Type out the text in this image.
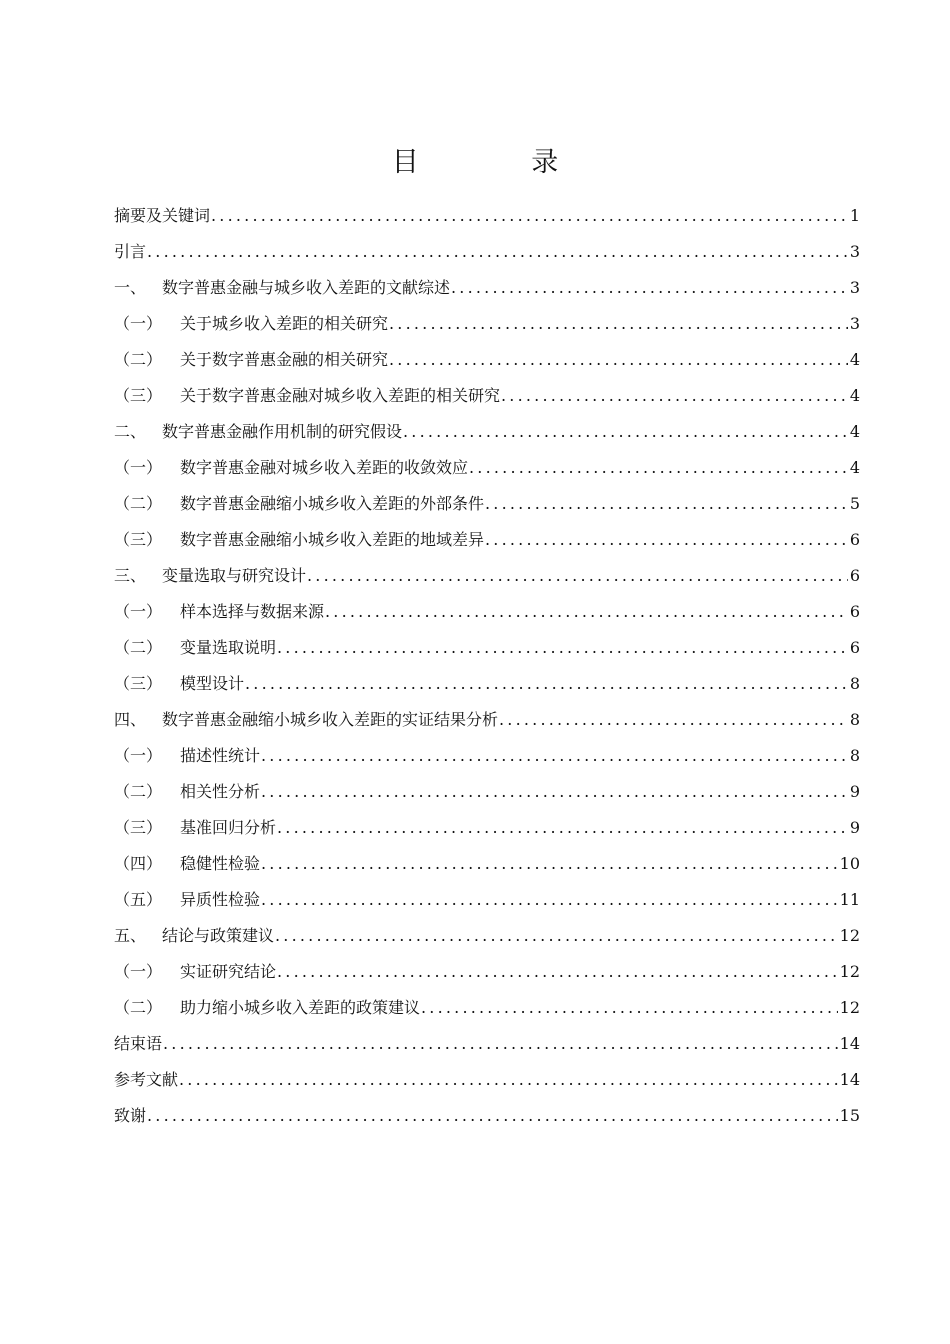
目 录
摘要及关键词 .....	1
引言 .....	3
一、 数字普惠金融与城乡收入差距的文献综述 .....	3
（一）	关于城乡收入差距的相关研究 .....	3
（二）	关于数字普惠金融的相关研究 .....	4
（三）	关于数字普惠金融对城乡收入差距的相关研究 .....	4
二、 数字普惠金融作用机制的研究假设 .....	4
（一）	数字普惠金融对城乡收入差距的收敛效应 .....	4
（二）	数字普惠金融缩小城乡收入差距的外部条件 .....	5
（三）	数字普惠金融缩小城乡收入差距的地域差异 .....	6
三、 变量选取与研究设计 .....	6
（一）	样本选择与数据来源 .....	6
（二）	变量选取说明 .....	6
（三）	模型设计 .....	8
四、 数字普惠金融缩小城乡收入差距的实证结果分析 .....	8
（一）	描述性统计 .....	8
（二）	相关性分析 .....	9
（三）	基准回归分析 .....	9
（四）	稳健性检验 .....	10
（五）	异质性检验 .....	11
五、 结论与政策建议 .....	12
（一）	实证研究结论 .....	12
（二）	助力缩小城乡收入差距的政策建议 .....	12
结束语 .....	14
参考文献 .....	14
致谢 .....	15
